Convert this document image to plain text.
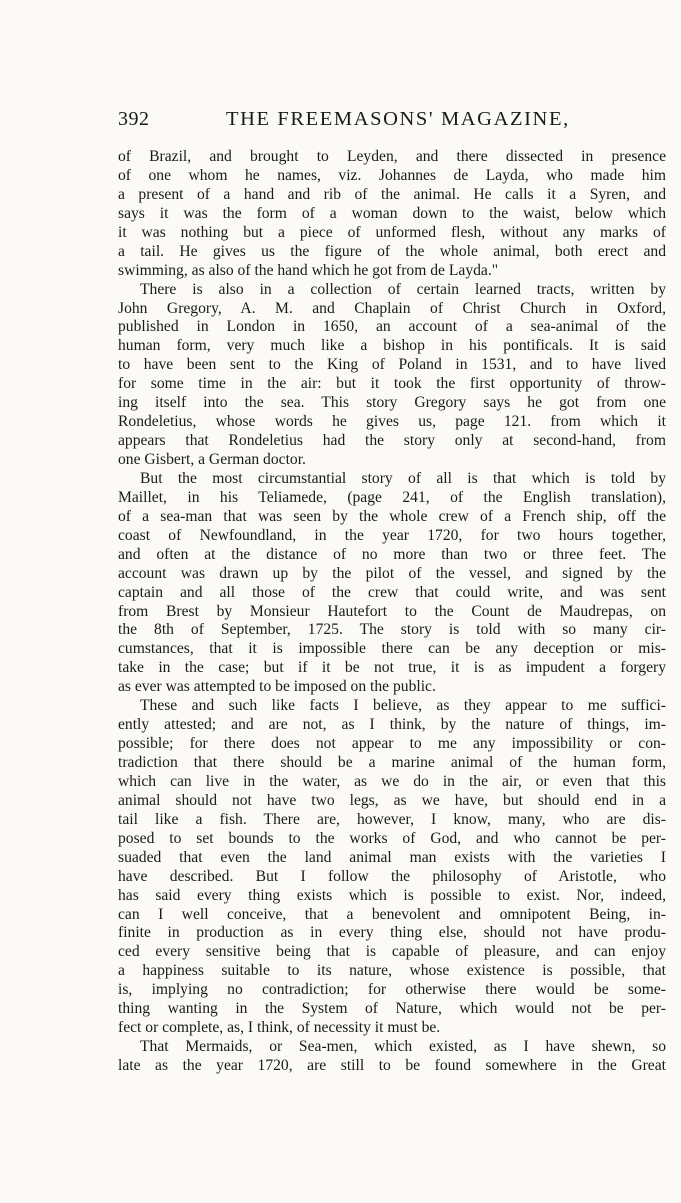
392	THE FREEMASONS' MAGAZINE,
of Brazil, and brought to Leyden, and there dissected in presence
of one whom he names, viz. Johannes de Layda, who made him
a present of a hand and rib of the animal. He calls it a Syren, and
says it was the form of a woman down to the waist, below which
it was nothing but a piece of unformed flesh, without any marks of
a tail. He gives us the figure of the whole animal, both erect and
swimming, as also of the hand which he got from de Layda."
There is also in a collection of certain learned tracts, written by
John Gregory, A. M. and Chaplain of Christ Church in Oxford,
published in London in 1650, an account of a sea-animal of the
human form, very much like a bishop in his pontificals. It is said
to have been sent to the King of Poland in 1531, and to have lived
for some time in the air: but it took the first opportunity of throw-
ing itself into the sea. This story Gregory says he got from one
Rondeletius, whose words he gives us, page 121. from which it
appears that Rondeletius had the story only at second-hand, from
one Gisbert, a German doctor.
But the most circumstantial story of all is that which is told by
Maillet, in his Teliamede, (page 241, of the English translation),
of a sea-man that was seen by the whole crew of a French ship, off the
coast of Newfoundland, in the year 1720, for two hours together,
and often at the distance of no more than two or three feet. The
account was drawn up by the pilot of the vessel, and signed by the
captain and all those of the crew that could write, and was sent
from Brest by Monsieur Hautefort to the Count de Maudrepas, on
the 8th of September, 1725. The story is told with so many cir-
cumstances, that it is impossible there can be any deception or mis-
take in the case; but if it be not true, it is as impudent a forgery
as ever was attempted to be imposed on the public.
These and such like facts I believe, as they appear to me suffici-
ently attested; and are not, as I think, by the nature of things, im-
possible; for there does not appear to me any impossibility or con-
tradiction that there should be a marine animal of the human form,
which can live in the water, as we do in the air, or even that this
animal should not have two legs, as we have, but should end in a
tail like a fish. There are, however, I know, many, who are dis-
posed to set bounds to the works of God, and who cannot be per-
suaded that even the land animal man exists with the varieties I
have described. But I follow the philosophy of Aristotle, who
has said every thing exists which is possible to exist. Nor, indeed,
can I well conceive, that a benevolent and omnipotent Being, in-
finite in production as in every thing else, should not have produ-
ced every sensitive being that is capable of pleasure, and can enjoy
a happiness suitable to its nature, whose existence is possible, that
is, implying no contradiction; for otherwise there would be some-
thing wanting in the System of Nature, which would not be per-
fect or complete, as, I think, of necessity it must be.
That Mermaids, or Sea-men, which existed, as I have shewn, so
late as the year 1720, are still to be found somewhere in the Great
